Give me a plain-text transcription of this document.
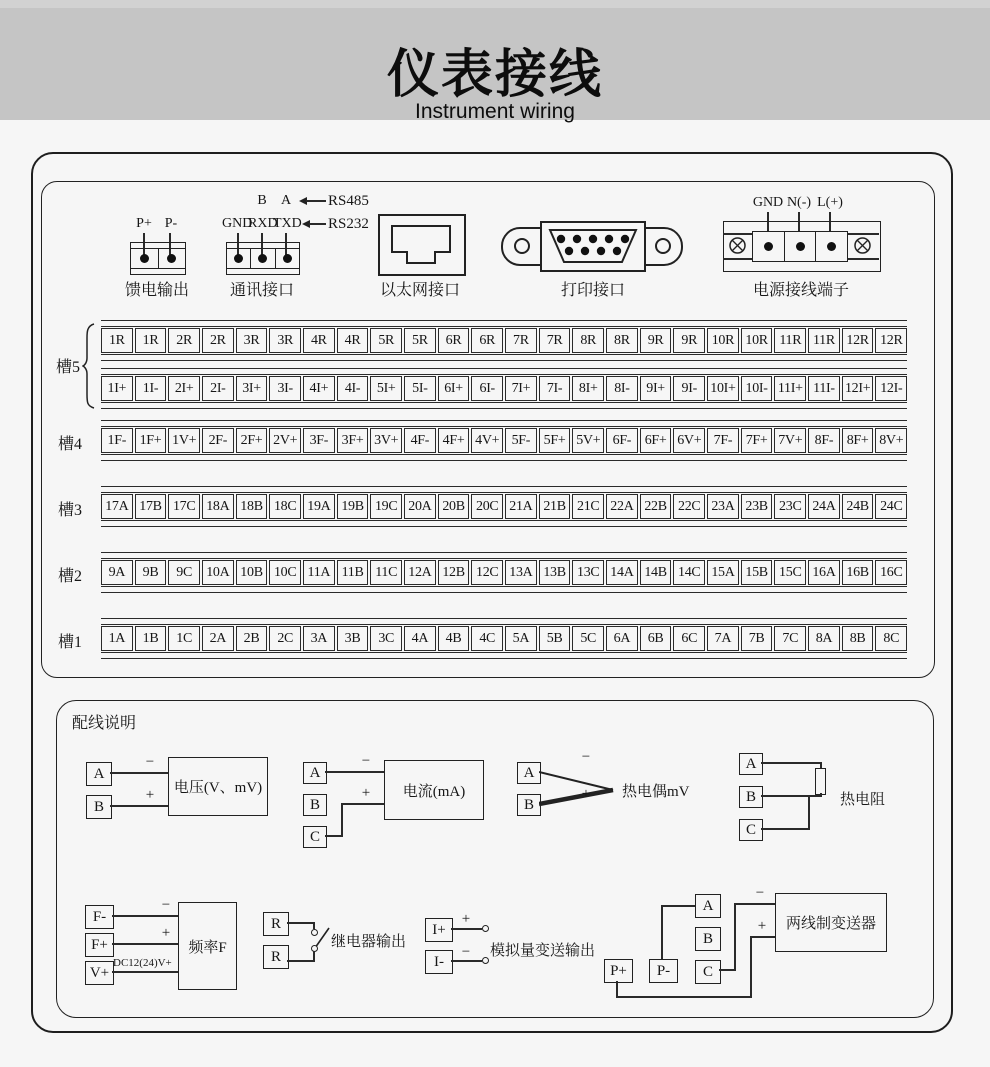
仪表接线
Instrument wiring
P+ P-
馈电输出
B A RS485
GND
RXD
TXD RS232
通讯接口	以太网接口	打印接口
GND N(-) L(+)
电源接线端子
槽5
槽4
槽3
槽2
槽1
1R	1R	2R	2R	3R	3R	4R	4R	5R	5R	6R	6R	7R	7R	8R	8R	9R	9R	10R 10R 11R 11R 12R 12R
1I+	1I-	2I+	2I-	3I+	3I-	4I+	4I-	5I+	5I-	6I+	6I-	7I+	7I-	8I+	8I-	9I+	9I- 10I+ 10I- 11I+ 11I- 12I+ 12I-
1F- 1F+ 1V+ 2F- 2F+ 2V+ 3F- 3F+ 3V+ 4F- 4F+ 4V+ 5F- 5F+ 5V+ 6F- 6F+ 6V+ 7F- 7F+ 7V+ 8F- 8F+ 8V+
17A 17B 17C 18A 18B 18C 19A 19B 19C 20A 20B 20C 21A 21B 21C 22A 22B 22C 23A 23B 23C 24A 24B 24C
9A	9B	9C	10A 10B 10C 11A 11B 11C 12A 12B 12C 13A 13B 13C 14A 14B 14C 15A 15B 15C 16A 16B 16C
1A	1B	1C	2A	2B	2C	3A	3B	3C	4A	4B	4C	5A	5B	5C	6A	6B	6C	7A	7B	7C	8A	8B	8C
配线说明
A
B
−
+	电压(V、mV)
A
B
C
−
+	电流(mA)
A
B
−
+	热电偶mV
A
B
C
热电阻
F-
F+
V+
−
+
DC12(24)V+
频率F
R
R
继电器输出
I+
I-
+
−	模拟量变送输出
P+	P-
A
B
C
−
+	两线制变送器
